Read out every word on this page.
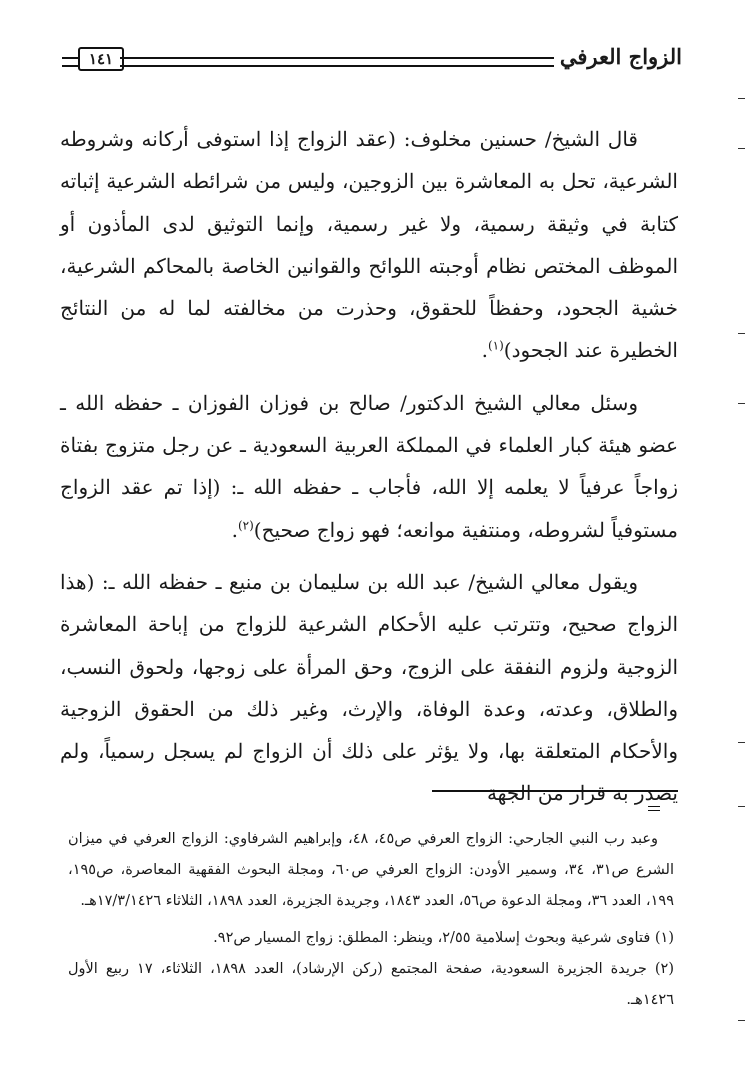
الزواج العرفي
١٤١

قال الشيخ/ حسنين مخلوف: (عقد الزواج إذا استوفى أركانه وشروطه الشرعية، تحل به المعاشرة بين الزوجين، وليس من شرائطه الشرعية إثباته كتابة في وثيقة رسمية، ولا غير رسمية، وإنما التوثيق لدى المأذون أو الموظف المختص نظام أوجبته اللوائح والقوانين الخاصة بالمحاكم الشرعية، خشية الجحود، وحفظاً للحقوق، وحذرت من مخالفته لما له من النتائج الخطيرة عند الجحود)$^{(١)}$.

وسئل معالي الشيخ الدكتور/ صالح بن فوزان الفوزان ـ حفظه الله ـ عضو هيئة كبار العلماء في المملكة العربية السعودية ـ عن رجل متزوج بفتاة زواجاً عرفياً لا يعلمه إلا الله، فأجاب ـ حفظه الله ـ: (إذا تم عقد الزواج مستوفياً لشروطه، ومنتفية موانعه؛ فهو زواج صحيح)$^{(٢)}$.

ويقول معالي الشيخ/ عبد الله بن سليمان بن منيع ـ حفظه الله ـ: (هذا الزواج صحيح، وتترتب عليه الأحكام الشرعية للزواج من إباحة المعاشرة الزوجية ولزوم النفقة على الزوج، وحق المرأة على زوجها، ولحوق النسب، والطلاق، وعدته، وعدة الوفاة، والإرث، وغير ذلك من الحقوق الزوجية والأحكام المتعلقة بها، ولا يؤثر على ذلك أن الزواج لم يسجل رسمياً، ولم يصدر به قرار من الجهة

وعبد رب النبي الجارحي: الزواج العرفي ص٤٥، ٤٨، وإبراهيم الشرفاوي: الزواج العرفي في ميزان الشرع ص٣١، ٣٤، وسمير الأودن: الزواج العرفي ص٦٠، ومجلة البحوث الفقهية المعاصرة، ص١٩٥، ١٩٩، العدد ٣٦، ومجلة الدعوة ص٥٦، العدد ١٨٤٣، وجريدة الجزيرة، العدد ١٨٩٨، الثلاثاء ١٧/٣/١٤٢٦هـ.

(١) فتاوى شرعية وبحوث إسلامية ٢/٥٥، وينظر: المطلق: زواج المسيار ص٩٢.

(٢) جريدة الجزيرة السعودية، صفحة المجتمع (ركن الإرشاد)، العدد ١٨٩٨، الثلاثاء، ١٧ ربيع الأول ١٤٢٦هـ.
